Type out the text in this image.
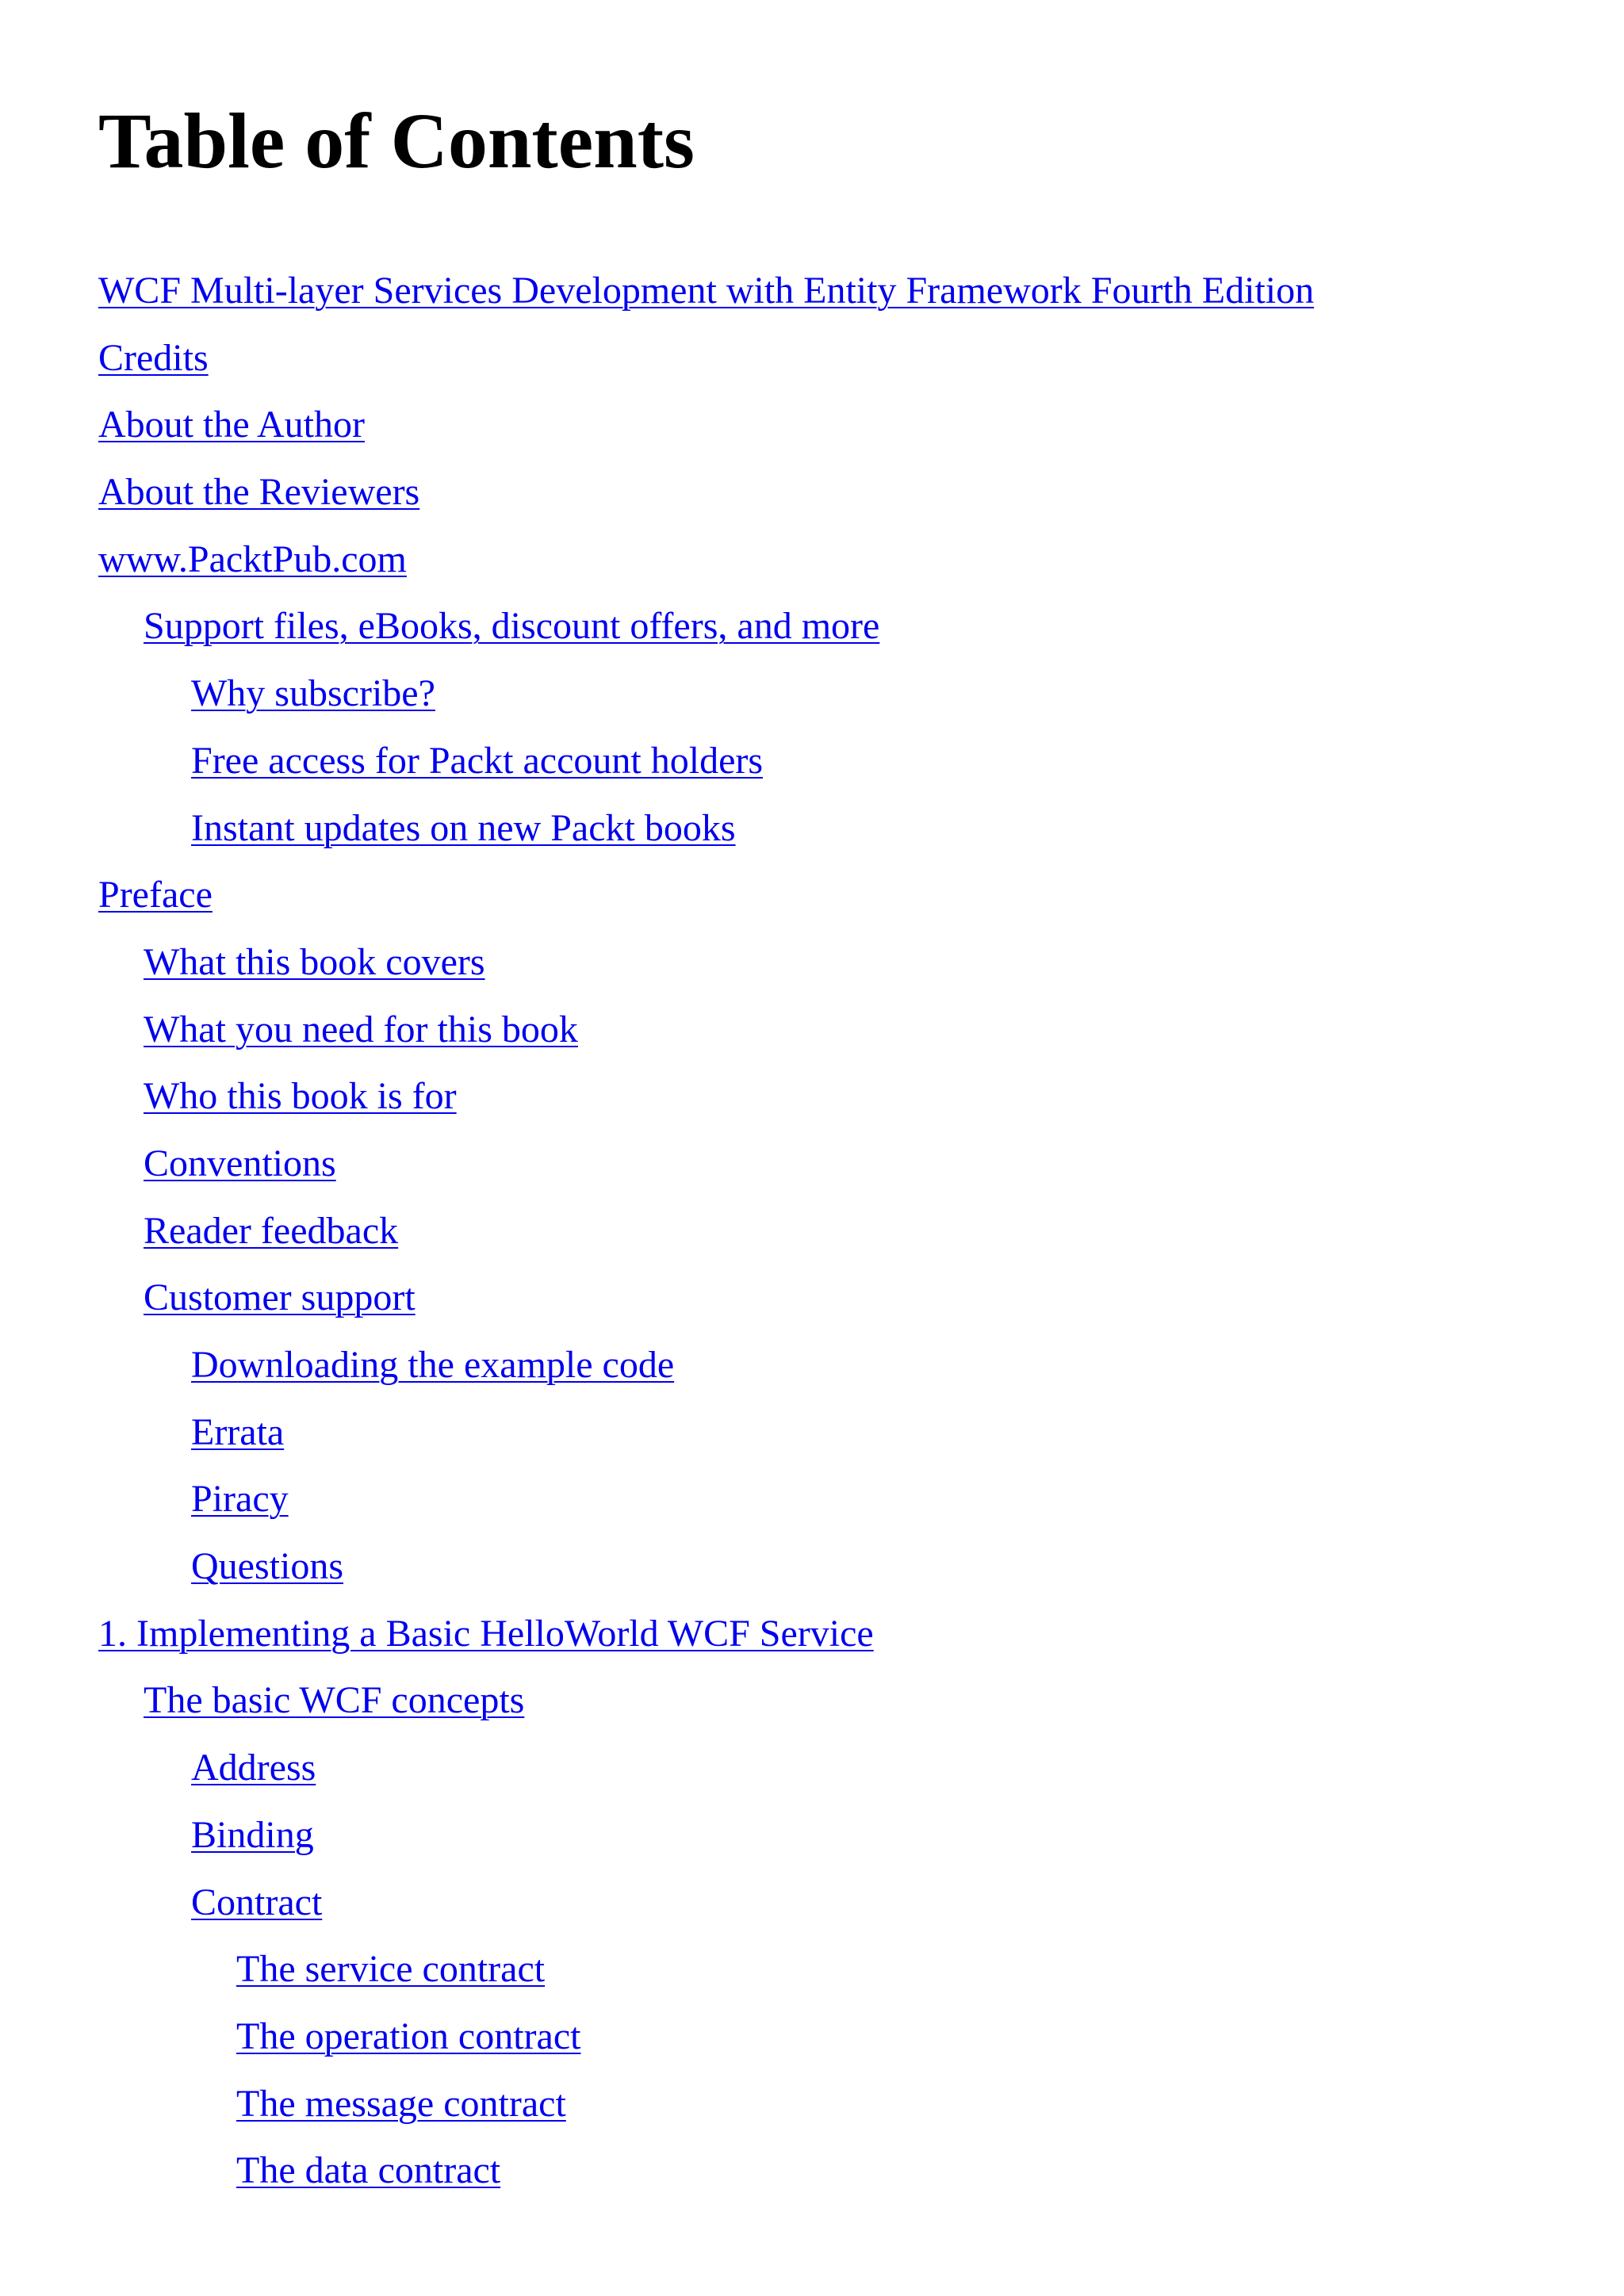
Table of Contents
WCF Multi-layer Services Development with Entity Framework Fourth Edition
Credits
About the Author
About the Reviewers
www.PacktPub.com
Support files, eBooks, discount offers, and more
Why subscribe?
Free access for Packt account holders
Instant updates on new Packt books
Preface
What this book covers
What you need for this book
Who this book is for
Conventions
Reader feedback
Customer support
Downloading the example code
Errata
Piracy
Questions
1. Implementing a Basic HelloWorld WCF Service
The basic WCF concepts
Address
Binding
Contract
The service contract
The operation contract
The message contract
The data contract
